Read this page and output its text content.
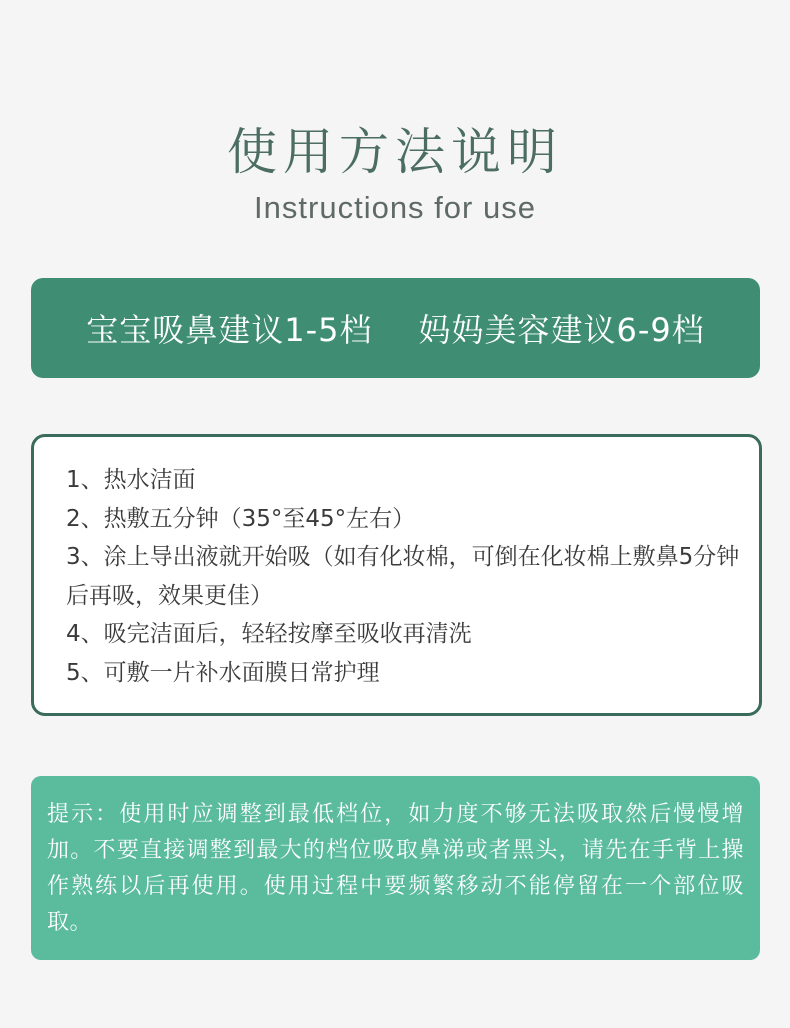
使用方法说明
Instructions for use
宝宝吸鼻建议1-5档 妈妈美容建议6-9档
1、热水洁面
2、热敷五分钟（35°至45°左右）
3、涂上导出液就开始吸（如有化妆棉，可倒在化妆棉上敷鼻5分钟后再吸，效果更佳）
4、吸完洁面后，轻轻按摩至吸收再清洗
5、可敷一片补水面膜日常护理
提示：使用时应调整到最低档位，如力度不够无法吸取然后慢慢增加。不要直接调整到最大的档位吸取鼻涕或者黑头，请先在手背上操作熟练以后再使用。使用过程中要频繁移动不能停留在一个部位吸取。
